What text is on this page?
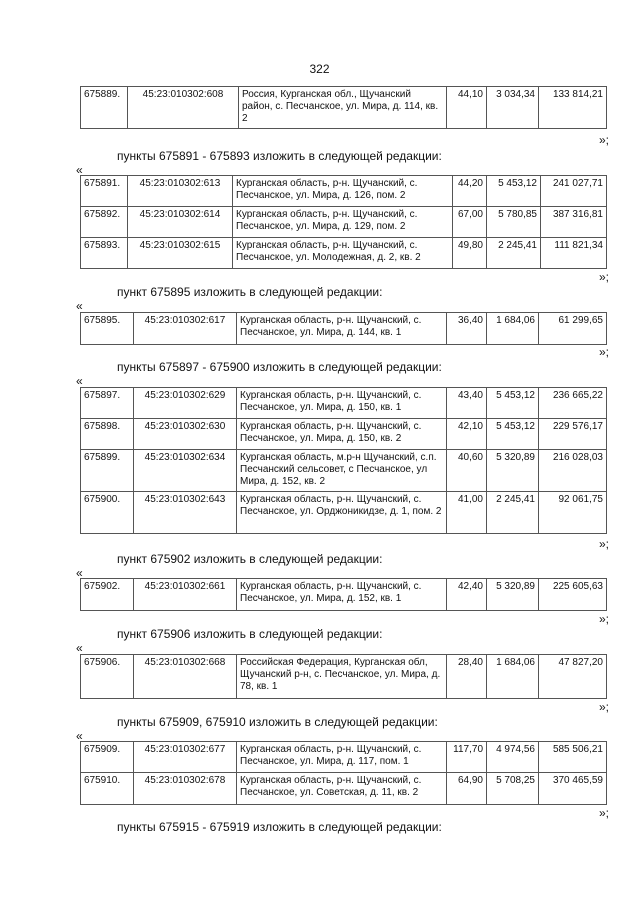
322
675889.	45:23:010302:608	Россия, Курганская обл., Щучанский район, с. Песчанское, ул. Мира, д. 114, кв. 2	44,10	3 034,34	133 814,21
»;
пункты 675891 - 675893 изложить в следующей редакции:
«
675891.	45:23:010302:613	Курганская область, р-н. Щучанский, с. Песчанское, ул. Мира, д. 126, пом. 2	44,20	5 453,12	241 027,71
675892.	45:23:010302:614	Курганская область, р-н. Щучанский, с. Песчанское, ул. Мира, д. 129, пом. 2	67,00	5 780,85	387 316,81
675893.	45:23:010302:615	Курганская область, р-н. Щучанский, с. Песчанское, ул. Молодежная, д. 2, кв. 2	49,80	2 245,41	111 821,34
»;
пункт 675895 изложить в следующей редакции:
«
675895.	45:23:010302:617	Курганская область, р-н. Щучанский, с. Песчанское, ул. Мира, д. 144, кв. 1	36,40	1 684,06	61 299,65
»;
пункты 675897 - 675900 изложить в следующей редакции:
«
675897.	45:23:010302:629	Курганская область, р-н. Щучанский, с. Песчанское, ул. Мира, д. 150, кв. 1	43,40	5 453,12	236 665,22
675898.	45:23:010302:630	Курганская область, р-н. Щучанский, с. Песчанское, ул. Мира, д. 150, кв. 2	42,10	5 453,12	229 576,17
675899.	45:23:010302:634	Курганская область, м.р-н Щучанский, с.п. Песчанский сельсовет, с Песчанское, ул Мира, д. 152, кв. 2	40,60	5 320,89	216 028,03
675900.	45:23:010302:643	Курганская область, р-н. Щучанский, с. Песчанское, ул. Орджоникидзе, д. 1, пом. 2	41,00	2 245,41	92 061,75
»;
пункт 675902 изложить в следующей редакции:
«
675902.	45:23:010302:661	Курганская область, р-н. Щучанский, с. Песчанское, ул. Мира, д. 152, кв. 1	42,40	5 320,89	225 605,63
»;
пункт 675906 изложить в следующей редакции:
«
675906.	45:23:010302:668	Российская Федерация, Курганская обл, Щучанский р-н, с. Песчанское, ул. Мира, д. 78, кв. 1	28,40	1 684,06	47 827,20
»;
пункты 675909, 675910 изложить в следующей редакции:
«
675909.	45:23:010302:677	Курганская область, р-н. Щучанский, с. Песчанское, ул. Мира, д. 117, пом. 1	117,70	4 974,56	585 506,21
675910.	45:23:010302:678	Курганская область, р-н. Щучанский, с. Песчанское, ул. Советская, д. 11, кв. 2	64,90	5 708,25	370 465,59
»;
пункты 675915 - 675919 изложить в следующей редакции:
